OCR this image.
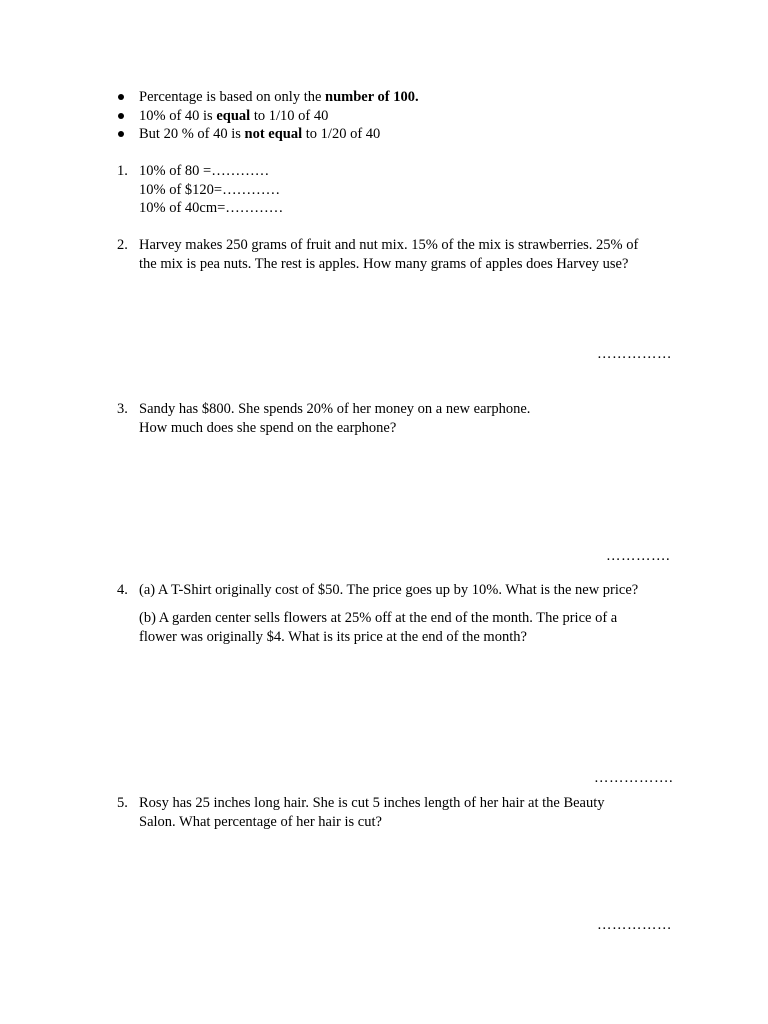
Percentage is based on only the number of 100.
10% of 40 is equal to 1/10 of 40
But 20 % of 40 is not equal to 1/20 of 40
1. 10% of 80 =…………
10% of $120=…………
10% of 40cm=…………
2. Harvey makes 250 grams of fruit and nut mix. 15% of the mix is strawberries. 25% of
the mix is pea nuts. The rest is apples. How many grams of apples does Harvey use?
……………
3. Sandy has $800. She spends 20% of her money on a new earphone.
How much does she spend on the earphone?
………….
4. (a) A T-Shirt originally cost of $50. The price goes up by 10%. What is the new price?
(b) A garden center sells flowers at 25% off at the end of the month. The price of a
flower was originally $4. What is its price at the end of the month?
…………….
5. Rosy has 25 inches long hair. She is cut 5 inches length of her hair at the Beauty
Salon. What percentage of her hair is cut?
……………
